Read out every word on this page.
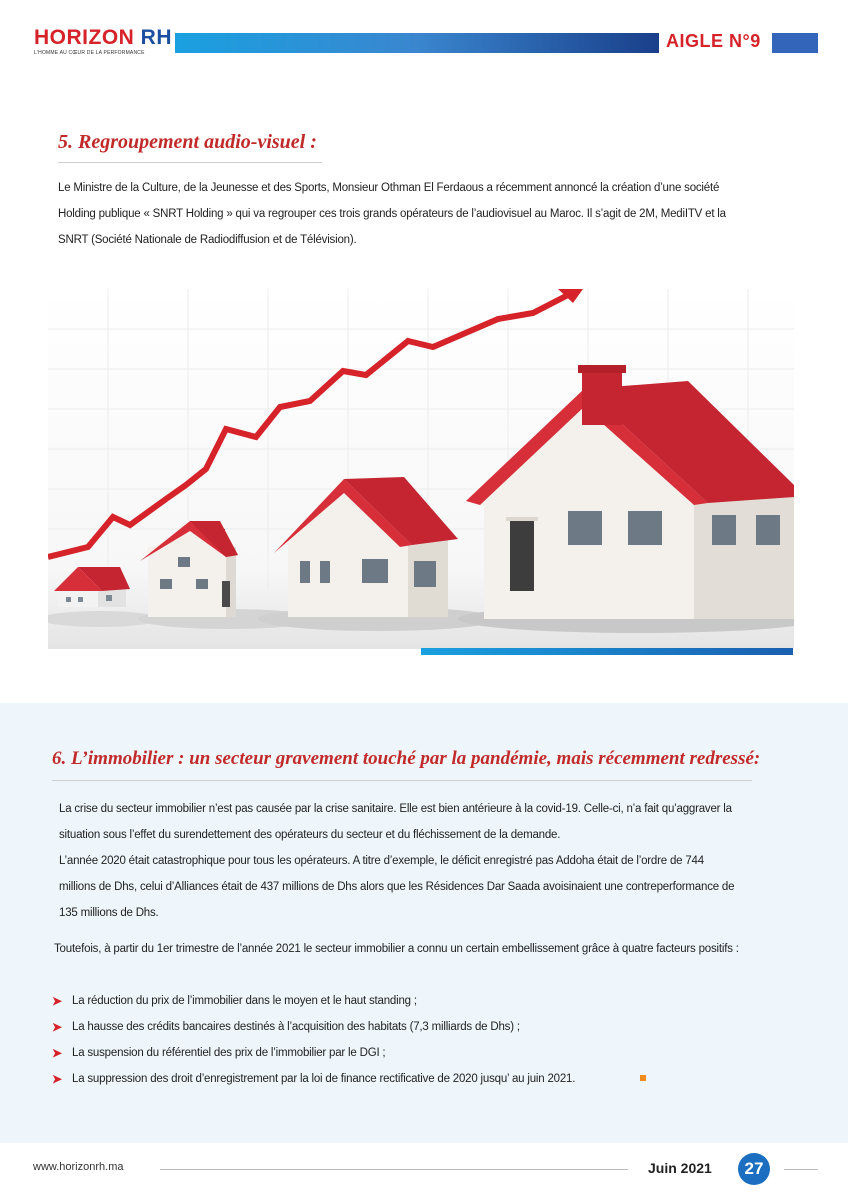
HORIZON RH
L'HOMME AU CŒUR DE LA PERFORMANCE
AIGLE N°9
5. Regroupement audio-visuel :
Le Ministre de la Culture, de la Jeunesse et des Sports, Monsieur Othman El Ferdaous a récemment annoncé la création d’une société
Holding publique « SNRT Holding » qui va regrouper ces trois grands opérateurs de l’audiovisuel au Maroc. Il s’agit de 2M, MediITV et la
SNRT (Société Nationale de Radiodiffusion et de Télévision).
6. L’immobilier : un secteur gravement touché par la pandémie, mais récemment redressé:
La crise du secteur immobilier n’est pas causée par la crise sanitaire. Elle est bien antérieure à la covid-19. Celle-ci, n’a fait qu’aggraver la
situation sous l’effet du surendettement des opérateurs du secteur et du fléchissement de la demande.
L’année 2020 était catastrophique pour tous les opérateurs. A titre d’exemple, le déficit enregistré pas Addoha était de l’ordre de 744
millions de Dhs, celui d’Alliances était de 437 millions de Dhs alors que les Résidences Dar Saada avoisinaient une contreperformance de
135 millions de Dhs.
Toutefois, à partir du 1er trimestre de l’année 2021 le secteur immobilier a connu un certain embellissement grâce à quatre facteurs positifs :
➤ La réduction du prix de l’immobilier dans le moyen et le haut standing ;
➤ La hausse des crédits bancaires destinés à l’acquisition des habitats (7,3 milliards de Dhs) ;
➤ La suspension du référentiel des prix de l’immobilier par le DGI ;
➤ La suppression des droit d’enregistrement par la loi de finance rectificative de 2020 jusqu’ au juin 2021.
www.horizonrh.ma	Juin 2021	27
